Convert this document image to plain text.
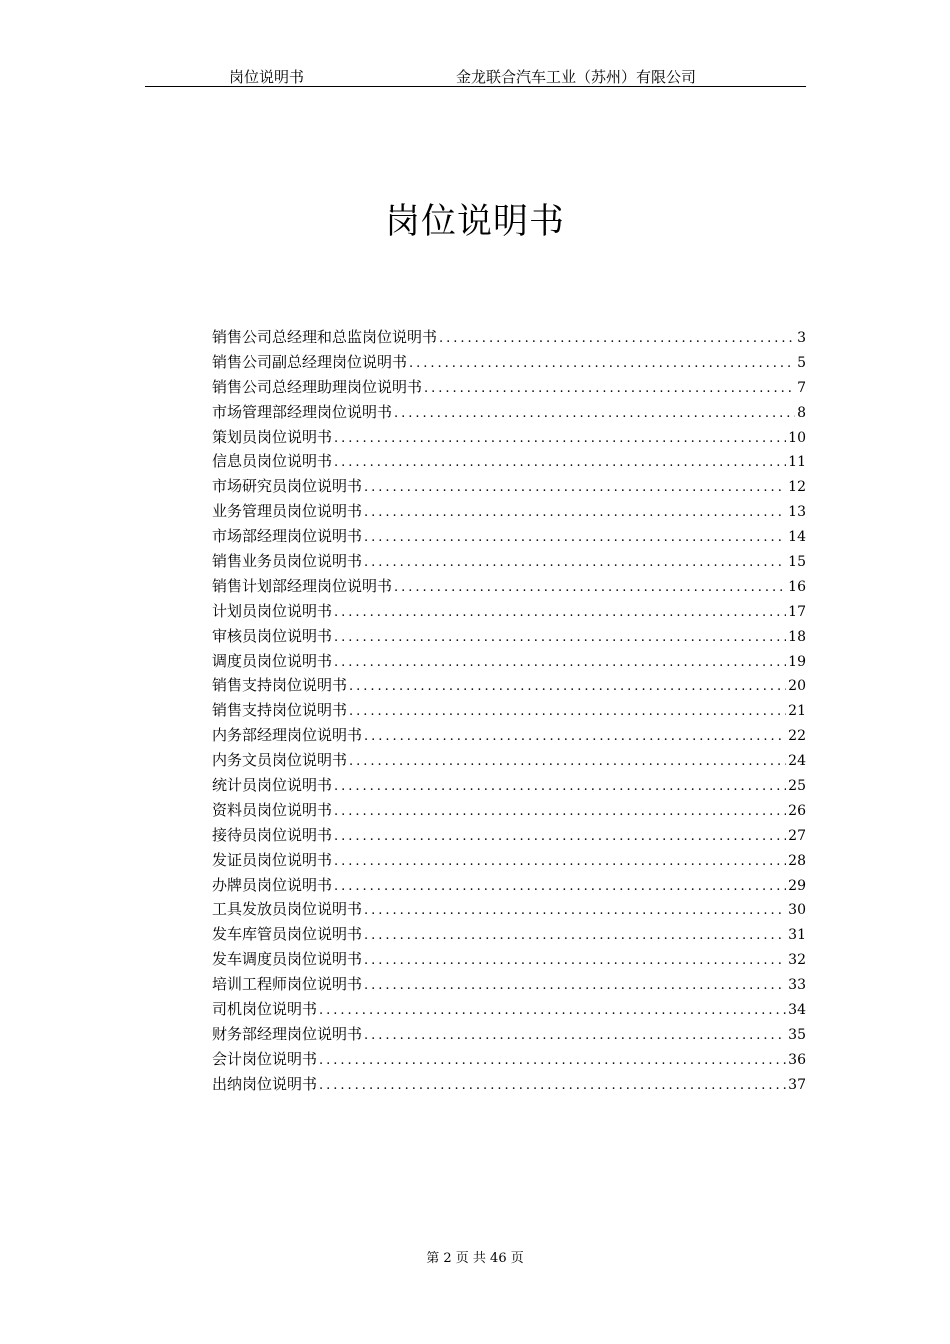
岗位说明书	金龙联合汽车工业（苏州）有限公司
岗位说明书
销售公司总经理和总监岗位说明书 .....	3
销售公司副总经理岗位说明书 .....	5
销售公司总经理助理岗位说明书 .....	7
市场管理部经理岗位说明书 .....	8
策划员岗位说明书 .....	10
信息员岗位说明书 .....	11
市场研究员岗位说明书 .....	12
业务管理员岗位说明书 .....	13
市场部经理岗位说明书 .....	14
销售业务员岗位说明书 .....	15
销售计划部经理岗位说明书 .....	16
计划员岗位说明书 .....	17
审核员岗位说明书 .....	18
调度员岗位说明书 .....	19
销售支持岗位说明书 .....	20
销售支持岗位说明书 .....	21
内务部经理岗位说明书 .....	22
内务文员岗位说明书 .....	24
统计员岗位说明书 .....	25
资料员岗位说明书 .....	26
接待员岗位说明书 .....	27
发证员岗位说明书 .....	28
办牌员岗位说明书 .....	29
工具发放员岗位说明书 .....	30
发车库管员岗位说明书 .....	31
发车调度员岗位说明书 .....	32
培训工程师岗位说明书 .....	33
司机岗位说明书 .....	34
财务部经理岗位说明书 .....	35
会计岗位说明书 .....	36
出纳岗位说明书 .....	37
第 2 页 共 46 页
